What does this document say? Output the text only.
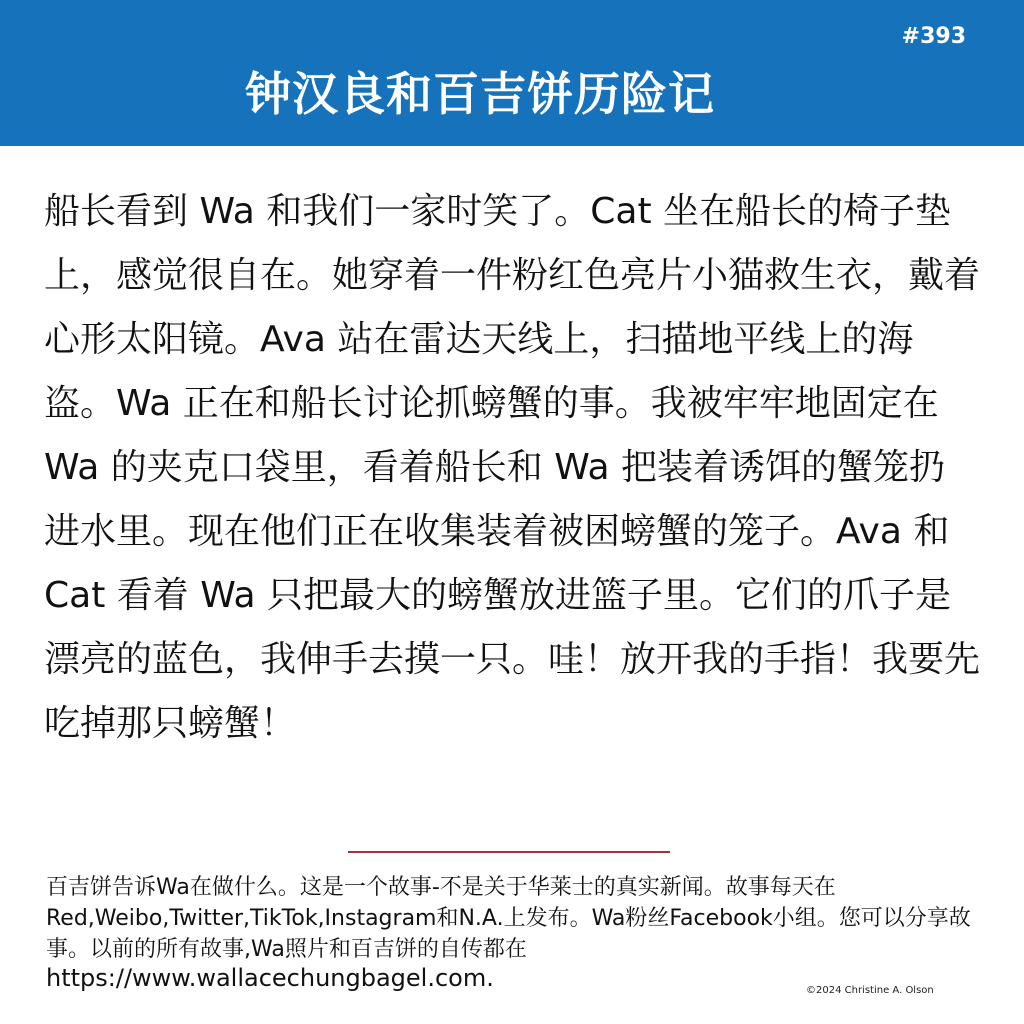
#393
钟汉良和百吉饼历险记

船长看到 Wa 和我们一家时笑了。Cat 坐在船长的椅子垫上，感觉很自在。她穿着一件粉红色亮片小猫救生衣，戴着心形太阳镜。Ava 站在雷达天线上，扫描地平线上的海盗。Wa 正在和船长讨论抓螃蟹的事。我被牢牢地固定在 Wa 的夹克口袋里，看着船长和 Wa 把装着诱饵的蟹笼扔进水里。现在他们正在收集装着被困螃蟹的笼子。Ava 和 Cat 看着 Wa 只把最大的螃蟹放进篮子里。它们的爪子是漂亮的蓝色，我伸手去摸一只。哇！放开我的手指！我要先吃掉那只螃蟹！

百吉饼告诉Wa在做什么。这是一个故事-不是关于华莱士的真实新闻。故事每天在Red,Weibo,Twitter,TikTok,Instagram和N.A.上发布。Wa粉丝Facebook小组。您可以分享故事。以前的所有故事,Wa照片和百吉饼的自传都在
https://www.wallacechungbagel.com.	©2024 Christine A. Olson
